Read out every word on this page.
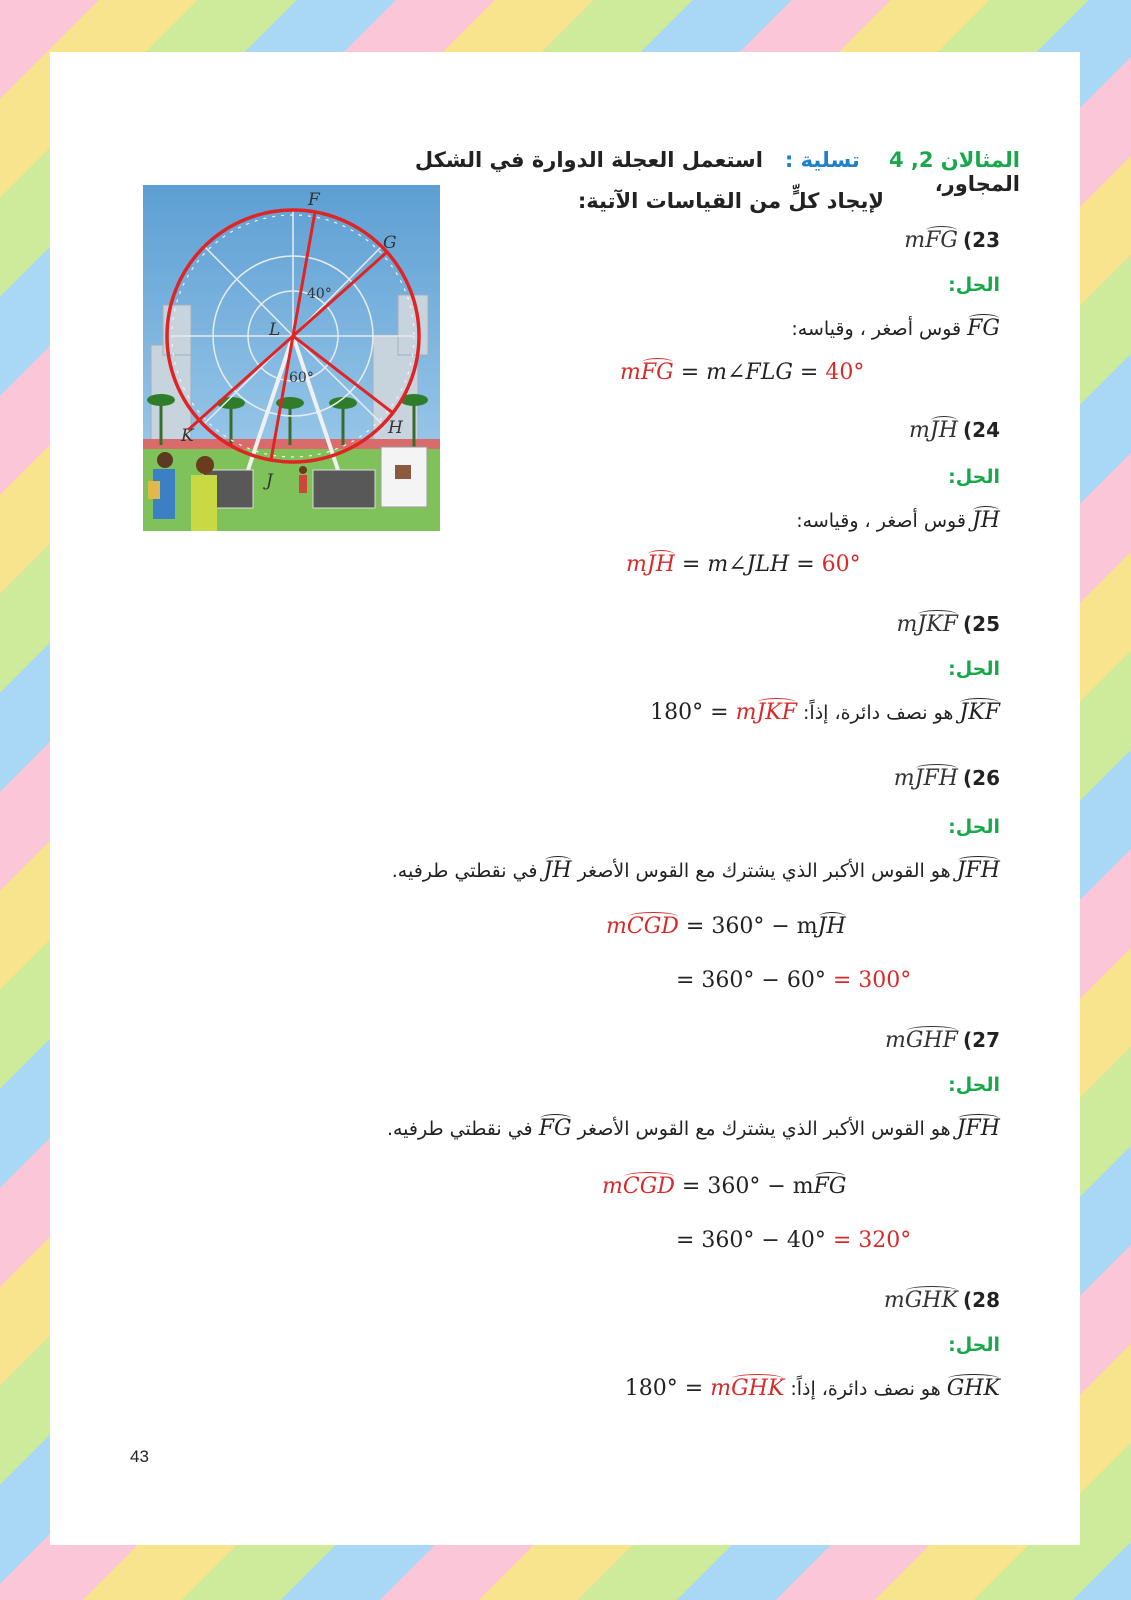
المثالان 2, 4    تسلية :   استعمل العجلة الدوارة في الشكل المجاور،
لإيجاد كلٍّ من القياسات الآتية:
F
G
H
J
K
L
40°
60°
23) mFG
الحل:
FG قوس أصغر ، وقياسه:
mFG = m∠FLG = 40°
24) mJH
الحل:
JH قوس أصغر ، وقياسه:
mJH = m∠JLH = 60°
25) mJKF
الحل:
JKF هو نصف دائرة، إذاً: 180° = mJKF
26) mJFH
الحل:
JFH هو القوس الأكبر الذي يشترك مع القوس الأصغر JH في نقطتي طرفيه.
mCGD = 360° − mJH
= 360° − 60° = 300°
27) mGHF
الحل:
JFH هو القوس الأكبر الذي يشترك مع القوس الأصغر FG في نقطتي طرفيه.
mCGD = 360° − mFG
= 360° − 40° = 320°
28) mGHK
الحل:
GHK هو نصف دائرة، إذاً: 180° = mGHK
43
